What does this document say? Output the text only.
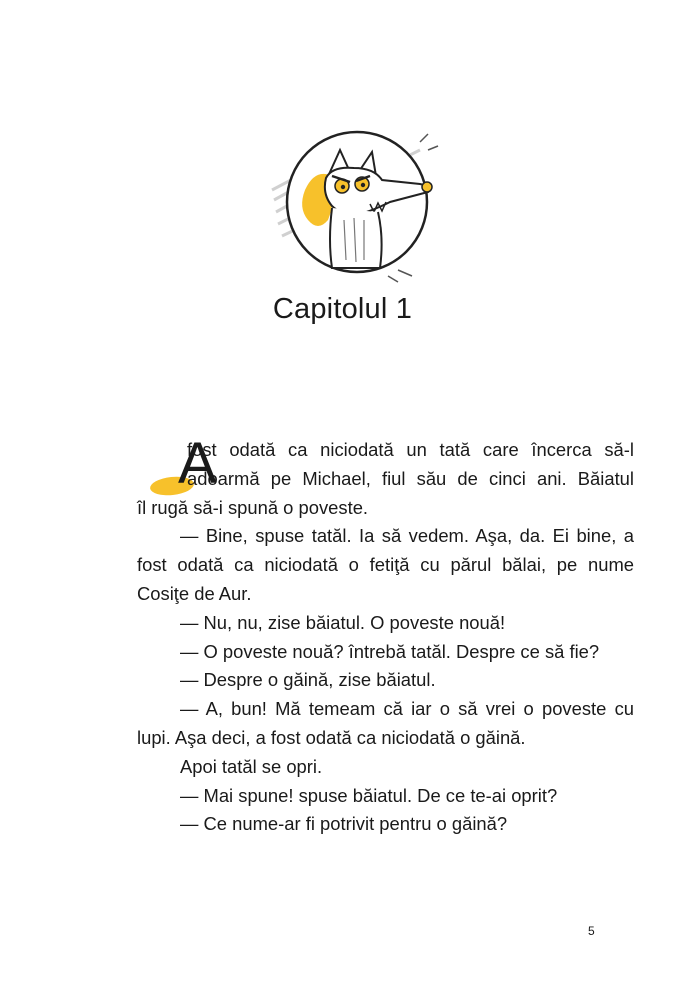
Capitolul 1
A
fost odată ca niciodată un tată care încerca să-l
adoarmă pe Michael, fiul său de cinci ani. Băiatul
îl rugă să-i spună o poveste.
— Bine, spuse tatăl. Ia să vedem. Aşa, da. Ei bine, a
fost odată ca niciodată o fetiţă cu părul bălai, pe nume
Cosiţe de Aur.
— Nu, nu, zise băiatul. O poveste nouă!
— O poveste nouă? întrebă tatăl. Despre ce să fie?
— Despre o găină, zise băiatul.
— A, bun! Mă temeam că iar o să vrei o poveste cu
lupi. Aşa deci, a fost odată ca niciodată o găină.
Apoi tatăl se opri.
— Mai spune! spuse băiatul. De ce te-ai oprit?
— Ce nume-ar fi potrivit pentru o găină?
5
